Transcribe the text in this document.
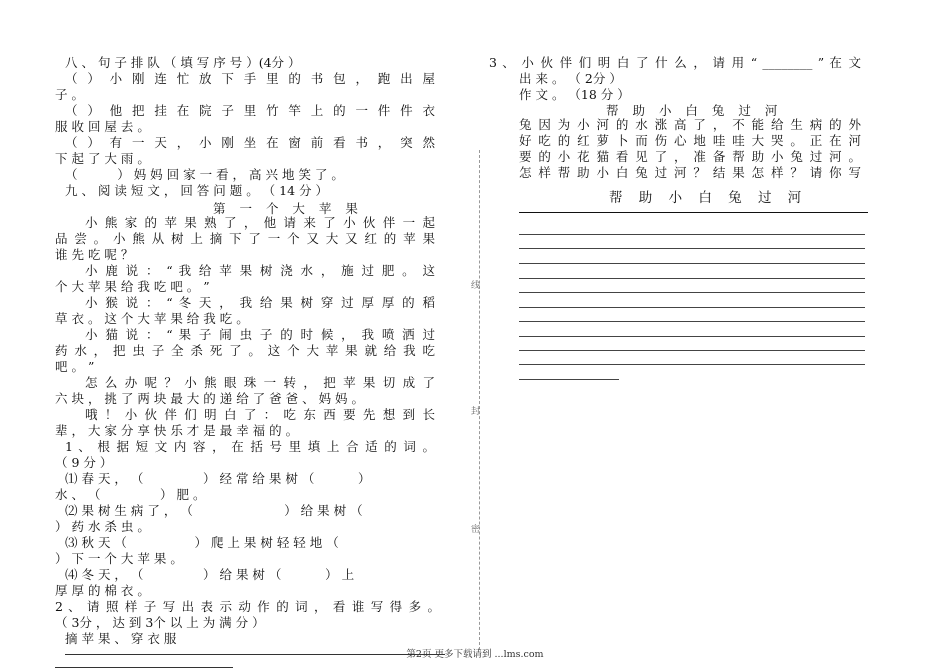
八 、 句 子 排 队 （ 填 写 序 号 ）(4分 ）
（ ） 小 刚 连 忙 放 下 手 里 的 书 包 ， 跑 出 屋
子 。
（ ） 他 把 挂 在 院 子 里 竹 竿 上 的 一 件 件 衣
服 收 回 屋 去 。
（ ） 有 一 天 ， 小 刚 坐 在 窗 前 看 书 ， 突 然
下 起 了 大 雨 。
（          ） 妈 妈 回 家 一 看 ， 高 兴 地 笑 了 。
九 、 阅 读 短 文 ， 回 答 问 题 。 （ 14 分 ）
第 一 个 大 苹 果
小 熊 家 的 苹 果 熟 了 ， 他 请 来 了 小 伙 伴 一 起
品 尝 。 小 熊 从 树 上 摘 下 了 一 个 又 大 又 红 的 苹 果
谁 先 吃 呢 ？
小 鹿 说 ： “ 我 给 苹 果 树 浇 水 ， 施 过 肥 。 这
个 大 苹 果 给 我 吃 吧 。 ”
小 猴 说 ： “ 冬 天 ， 我 给 果 树 穿 过 厚 厚 的 稻
草 衣 。 这 个 大 苹 果 给 我 吃 。
小 猫 说 ： “ 果 子 闹 虫 子 的 时 候 ， 我 喷 洒 过
药 水 ， 把 虫 子 全 杀 死 了 。 这 个 大 苹 果 就 给 我 吃
吧 。 ”
怎 么 办 呢 ？ 小 熊 眼 珠 一 转 ， 把 苹 果 切 成 了
六 块 ， 挑 了 两 块 最 大 的 递 给 了 爸 爸 、 妈 妈 。
哦 ！ 小 伙 伴 们 明 白 了 ： 吃 东 西 要 先 想 到 长
辈 ， 大 家 分 享 快 乐 才 是 最 幸 福 的 。
1 、 根 据 短 文 内 容 ， 在 括 号 里 填 上 合 适 的 词 。
（ 9 分 ）
⑴ 春 天 ， （               ） 经 常 给 果 树 （           ）
水 、 （               ） 肥 。
⑵ 果 树 生 病 了 ， （                       ） 给 果 树 （
） 药 水 杀 虫 。
⑶ 秋 天 （                 ） 爬 上 果 树 轻 轻 地 （
） 下 一 个 大 苹 果 。
⑷ 冬 天 ， （               ） 给 果 树 （           ） 上
厚 厚 的 棉 衣 。
2 、 请 照 样 子 写 出 表 示 动 作 的 词 ， 看 谁 写 得 多 。
（ 3分 ， 达 到 3个 以 上 为 满 分 ）
摘 苹 果 、 穿 衣 服
线
封
密
3 、 小 伙 伴 们 明 白 了 什 么 ， 请 用 “ ________ ” 在 文
出 来 。 （ 2分 ）
作 文 。 （18 分 ）
帮 助 小 白 兔 过 河
兔 因 为 小 河 的 水 涨 高 了 ， 不 能 给 生 病 的 外
好 吃 的 红 萝 卜 而 伤 心 地 哇 哇 大 哭 。 正 在 河
要 的 小 花 猫 看 见 了 ， 准 备 帮 助 小 兔 过 河 。
怎 样 帮 助 小 白 兔 过 河 ？ 结 果 怎 样 ？ 请 你 写
帮 助 小 白 兔 过 河
第2页 更多下载请到 ...lms.com
